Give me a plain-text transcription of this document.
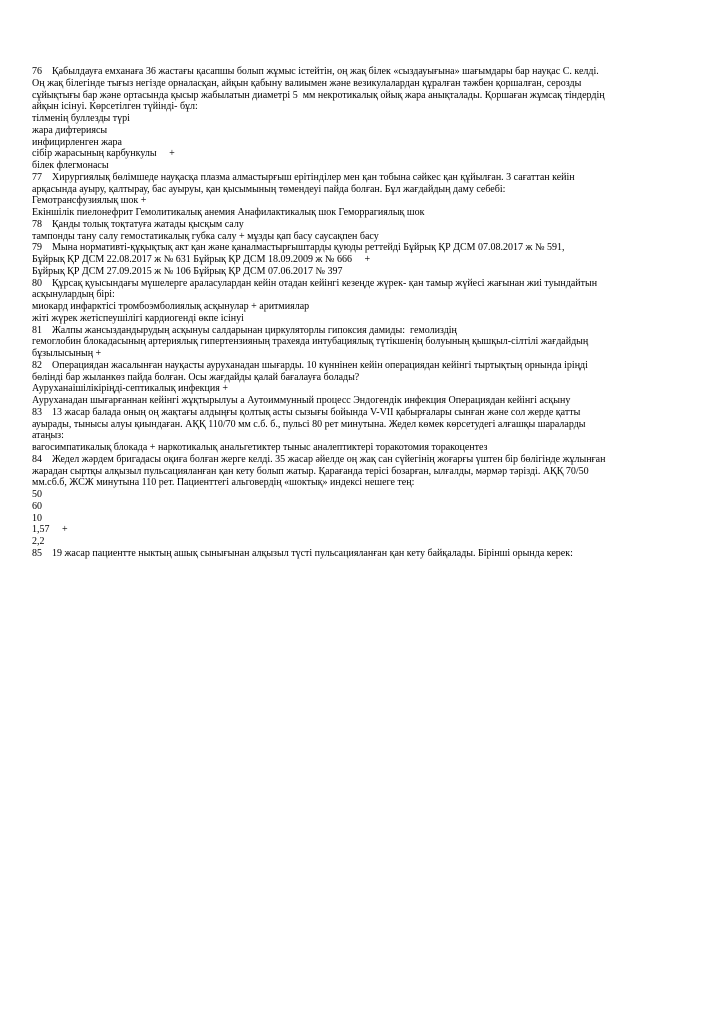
76    Қабылдауға емханаға 36 жастағы қасапшы болып жұмыс істейтін, оң жақ білек «сыздауығына» шағымдары бар науқас С. келді.
Оң жақ білегінде тығыз негізде орналасқан, айқын қабыну валиымен және везикулалардан құралған тәжбен қоршалған, серозды
сұйықтығы бар және ортасында қысыр жабылатын диаметрі 5  мм некротикалық ойық жара анықталады. Қоршаған жұмсақ тіндердің
айқын ісінуі. Көрсетілген түйінді- бұл:
тілменің буллезды түрі
жара дифтериясы
инфицирленген жара
сібір жарасының карбункулы     +
білек флегмонасы
77    Хирургиялық бөлімшеде науқасқа плазма алмастырғыш ерітінділер мен қан тобына сәйкес қан құйылған. 3 сағаттан кейін
арқасында ауыру, қалтырау, бас ауыруы, қан қысымының төмендеуі пайда болған. Бұл жағдайдың даму себебі:
Гемотрансфузиялық шок +
Екіншілік пиелонефрит Гемолитикалық анемия Анафилактикалық шок Геморрагиялық шок
78    Қанды толық тоқтатуға жатады қысқым салу
тампонды тану салу гемостатикалық губка салу + мұзды қап басу саусақпен басу
79    Мына нормативті-құқықтық акт қан және қаналмастырғыштарды қуюды реттейді Бұйрық ҚР ДСМ 07.08.2017 ж № 591,
Бұйрық ҚР ДСМ 22.08.2017 ж № 631 Бұйрық ҚР ДСМ 18.09.2009 ж № 666     +
Бұйрық ҚР ДСМ 27.09.2015 ж № 106 Бұйрық ҚР ДСМ 07.06.2017 № 397
80    Құрсақ қуысындағы мүшелерге араласулардан кейін отадан кейінгі кезеңде жүрек- қан тамыр жүйесі жағынан жиі туындайтын
асқынулардың бірі:
миокард инфарктісі тромбоэмболиялық асқынулар + аритмиялар
жіті жүрек жетіспеушілігі кардиогенді өкпе ісінуі
81    Жалпы жансыздандырудың асқынуы салдарынан циркуляторлы гипоксия дамиды:  гемолиздің
гемоглобин блокадасының артериялық гипертензияның трахеяда интубациялық түтікшенің болуының қышқыл-сілтілі жағдайдың
бұзылысының +
82    Операциядан жасалынған науқасты ауруханадан шығарды. 10 күннінен кейін операциядан кейінгі тыртықтың орнында іріңді
бөлінді бар жыланкөз пайда болған. Осы жағдайды қалай бағалауға болады?
Ауруханаішілікіріңді-септикалық инфекция +
Ауруханадан шығарғаннан кейінгі жұқтырылуы а Аутоиммунный процесс Эндогендік инфекция Операциядан кейінгі асқыну
83    13 жасар балада оның оң жақтағы алдыңғы қолтық асты сызығы бойында V-VII қабырғалары сынған және сол жерде қатты
ауырады, тынысы алуы қиындаған. АҚҚ 110/70 мм с.б. б., пульсі 80 рет минутына. Жедел көмек көрсетудегі алғашқы шараларды
атаңыз:
вагосимпатикалық блокада + наркотикалық анальгетиктер тыныс аналептиктері торакотомия торакоцентез
84    Жедел жәрдем бригадасы оқиға болған жерге келді. 35 жасар әйелде оң жақ сан сүйегінің жоғарғы үштен бір бөлігінде жұлынған
жарадан сыртқы алқызыл пульсацияланған қан кету болып жатыр. Қарағанда терісі бозарған, ылғалды, мәрмәр тәрізді. АҚҚ 70/50
мм.сб.б, ЖСЖ минутына 110 рет. Пациенттегі альговердің «шоктық» индексі нешеге тең:
50
60
10
1,57     +
2,2
85    19 жасар пациентте ныктың ашық сынығынан алқызыл түсті пульсацияланған қан кету байқалады. Бірінші орында керек:
